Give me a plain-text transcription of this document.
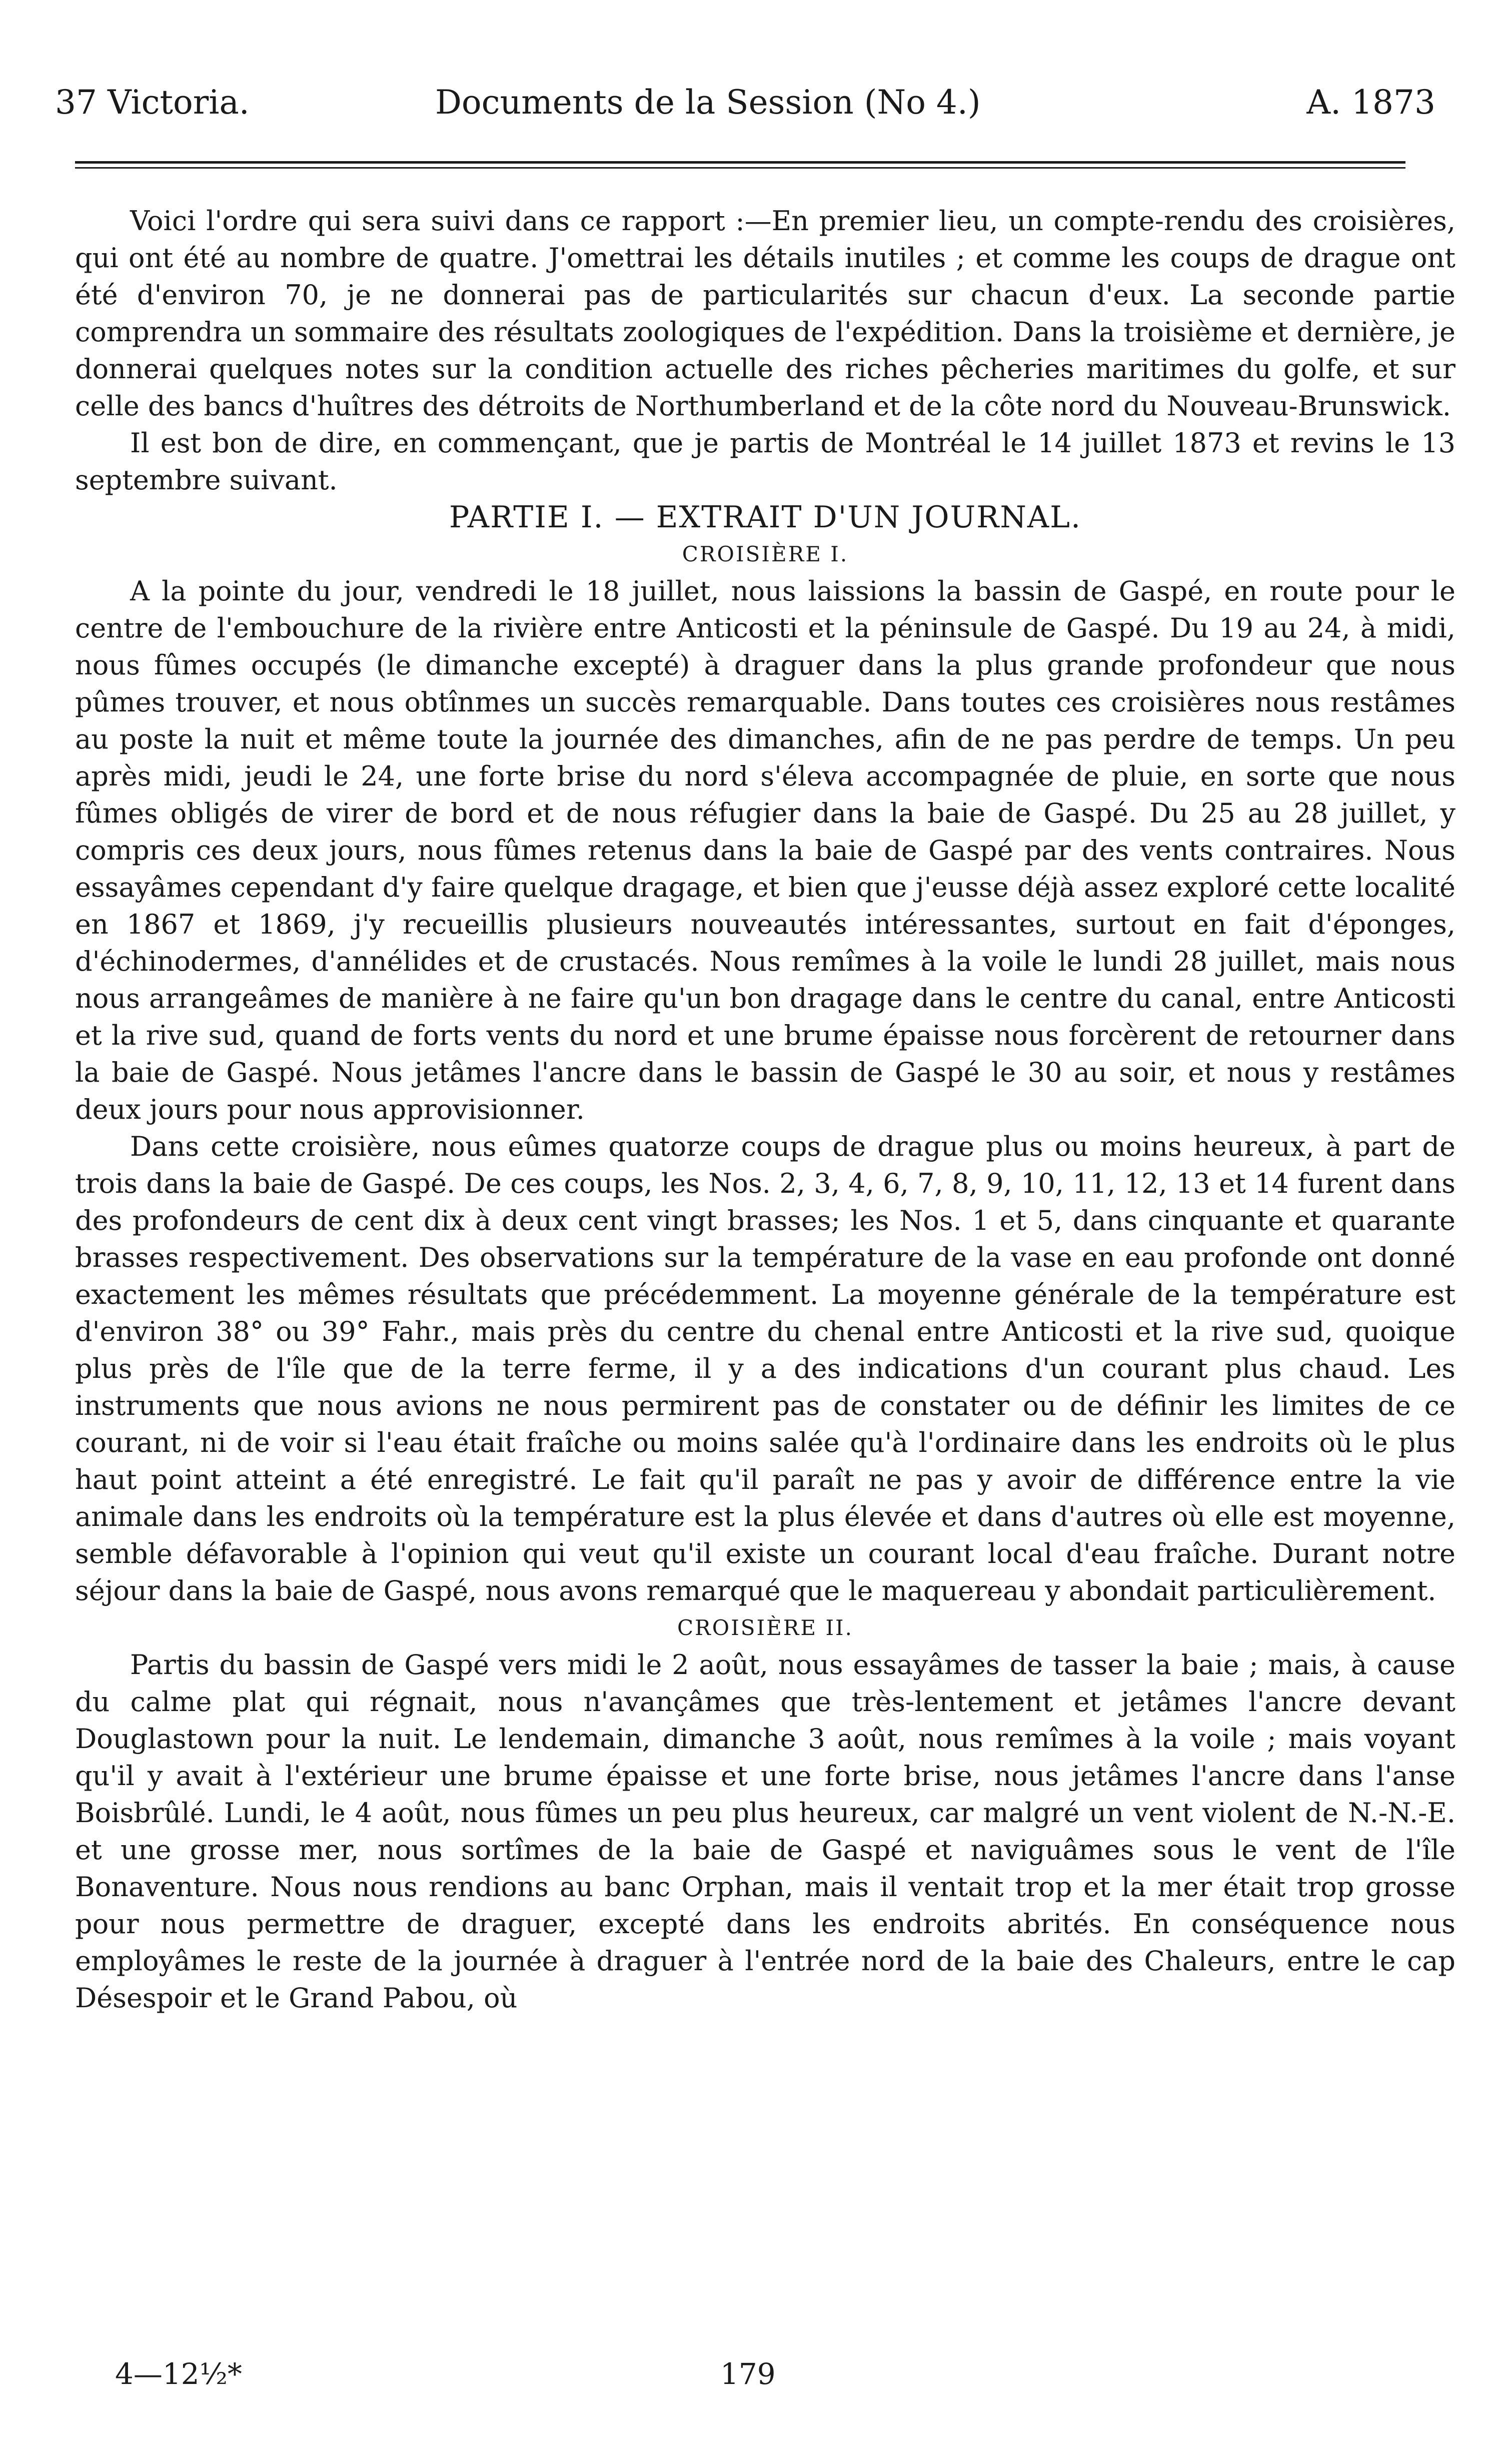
37 Victoria.	Documents de la Session (No 4.)	A. 1873

Voici l'ordre qui sera suivi dans ce rapport :—En premier lieu, un compte-rendu des croisières, qui ont été au nombre de quatre. J'omettrai les détails inutiles ; et comme les coups de drague ont été d'environ 70, je ne donnerai pas de particularités sur chacun d'eux. La seconde partie comprendra un sommaire des résultats zoologiques de l'expédition. Dans la troisième et dernière, je donnerai quelques notes sur la condition actuelle des riches pêcheries maritimes du golfe, et sur celle des bancs d'huîtres des détroits de Northumberland et de la côte nord du Nouveau-Brunswick.

Il est bon de dire, en commençant, que je partis de Montréal le 14 juillet 1873 et revins le 13 septembre suivant.

PARTIE I. — EXTRAIT D'UN JOURNAL.

CROISIÈRE I.

A la pointe du jour, vendredi le 18 juillet, nous laissions la bassin de Gaspé, en route pour le centre de l'embouchure de la rivière entre Anticosti et la péninsule de Gaspé. Du 19 au 24, à midi, nous fûmes occupés (le dimanche excepté) à draguer dans la plus grande profondeur que nous pûmes trouver, et nous obtînmes un succès remarquable. Dans toutes ces croisières nous restâmes au poste la nuit et même toute la journée des dimanches, afin de ne pas perdre de temps. Un peu après midi, jeudi le 24, une forte brise du nord s'éleva accompagnée de pluie, en sorte que nous fûmes obligés de virer de bord et de nous réfugier dans la baie de Gaspé. Du 25 au 28 juillet, y compris ces deux jours, nous fûmes retenus dans la baie de Gaspé par des vents contraires. Nous essayâmes cependant d'y faire quelque dragage, et bien que j'eusse déjà assez exploré cette localité en 1867 et 1869, j'y recueillis plusieurs nouveautés intéressantes, surtout en fait d'éponges, d'échinodermes, d'annélides et de crustacés. Nous remîmes à la voile le lundi 28 juillet, mais nous nous arrangeâmes de manière à ne faire qu'un bon dragage dans le centre du canal, entre Anticosti et la rive sud, quand de forts vents du nord et une brume épaisse nous forcèrent de retourner dans la baie de Gaspé. Nous jetâmes l'ancre dans le bassin de Gaspé le 30 au soir, et nous y restâmes deux jours pour nous approvisionner.

Dans cette croisière, nous eûmes quatorze coups de drague plus ou moins heureux, à part de trois dans la baie de Gaspé. De ces coups, les Nos. 2, 3, 4, 6, 7, 8, 9, 10, 11, 12, 13 et 14 furent dans des profondeurs de cent dix à deux cent vingt brasses; les Nos. 1 et 5, dans cinquante et quarante brasses respectivement. Des observations sur la température de la vase en eau profonde ont donné exactement les mêmes résultats que précédemment. La moyenne générale de la température est d'environ 38° ou 39° Fahr., mais près du centre du chenal entre Anticosti et la rive sud, quoique plus près de l'île que de la terre ferme, il y a des indications d'un courant plus chaud. Les instruments que nous avions ne nous permirent pas de constater ou de définir les limites de ce courant, ni de voir si l'eau était fraîche ou moins salée qu'à l'ordinaire dans les endroits où le plus haut point atteint a été enregistré. Le fait qu'il paraît ne pas y avoir de différence entre la vie animale dans les endroits où la température est la plus élevée et dans d'autres où elle est moyenne, semble défavorable à l'opinion qui veut qu'il existe un courant local d'eau fraîche. Durant notre séjour dans la baie de Gaspé, nous avons remarqué que le maquereau y abondait particulièrement.

CROISIÈRE II.

Partis du bassin de Gaspé vers midi le 2 août, nous essayâmes de tasser la baie ; mais, à cause du calme plat qui régnait, nous n'avançâmes que très-lentement et jetâmes l'ancre devant Douglastown pour la nuit. Le lendemain, dimanche 3 août, nous remîmes à la voile ; mais voyant qu'il y avait à l'extérieur une brume épaisse et une forte brise, nous jetâmes l'ancre dans l'anse Boisbrûlé. Lundi, le 4 août, nous fûmes un peu plus heureux, car malgré un vent violent de N.-N.-E. et une grosse mer, nous sortîmes de la baie de Gaspé et naviguâmes sous le vent de l'île Bonaventure. Nous nous rendions au banc Orphan, mais il ventait trop et la mer était trop grosse pour nous permettre de draguer, excepté dans les endroits abrités. En conséquence nous employâmes le reste de la journée à draguer à l'entrée nord de la baie des Chaleurs, entre le cap Désespoir et le Grand Pabou, où

4—12½*	179
